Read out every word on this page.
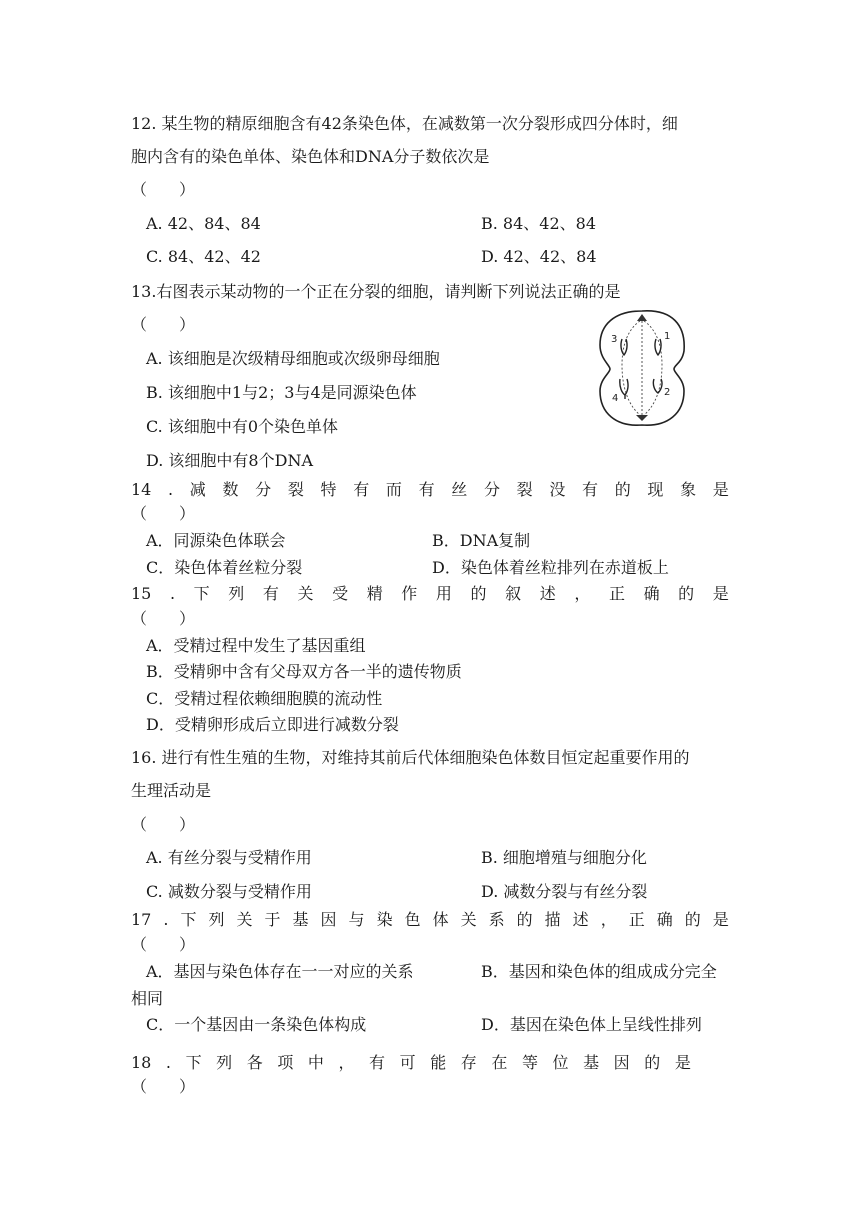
12. 某生物的精原细胞含有42条染色体，在减数第一次分裂形成四分体时，细
胞内含有的染色单体、染色体和DNA分子数依次是
（　　）
A. 42、84、84	B. 84、42、84
C. 84、42、42	D. 42、42、84
13.右图表示某动物的一个正在分裂的细胞，请判断下列说法正确的是
（　　）
A. 该细胞是次级精母细胞或次级卵母细胞
B. 该细胞中1与2；3与4是同源染色体
C. 该细胞中有0个染色单体
D. 该细胞中有8个DNA
3	1
4
2
14 . 减 数 分 裂 特 有 而 有 丝 分 裂 没 有 的 现 象 是
（　　）
A．同源染色体联会	B．DNA复制
C．染色体着丝粒分裂	D．染色体着丝粒排列在赤道板上
15 . 下 列 有 关 受 精 作 用 的 叙 述 ， 正 确 的 是
（　　）
A．受精过程中发生了基因重组
B．受精卵中含有父母双方各一半的遗传物质
C．受精过程依赖细胞膜的流动性
D．受精卵形成后立即进行减数分裂
16. 进行有性生殖的生物，对维持其前后代体细胞染色体数目恒定起重要作用的
生理活动是
（　　）
A. 有丝分裂与受精作用	B. 细胞增殖与细胞分化
C. 减数分裂与受精作用	D. 减数分裂与有丝分裂
17 . 下 列 关 于 基 因 与 染 色 体 关 系 的 描 述 ， 正 确 的 是
（　　）
A．基因与染色体存在一一对应的关系	B．基因和染色体的组成成分完全
相同
C．一个基因由一条染色体构成	D．基因在染色体上呈线性排列
18 . 下 列 各 项 中 ， 有 可 能 存 在 等 位 基 因 的 是
（　　）
